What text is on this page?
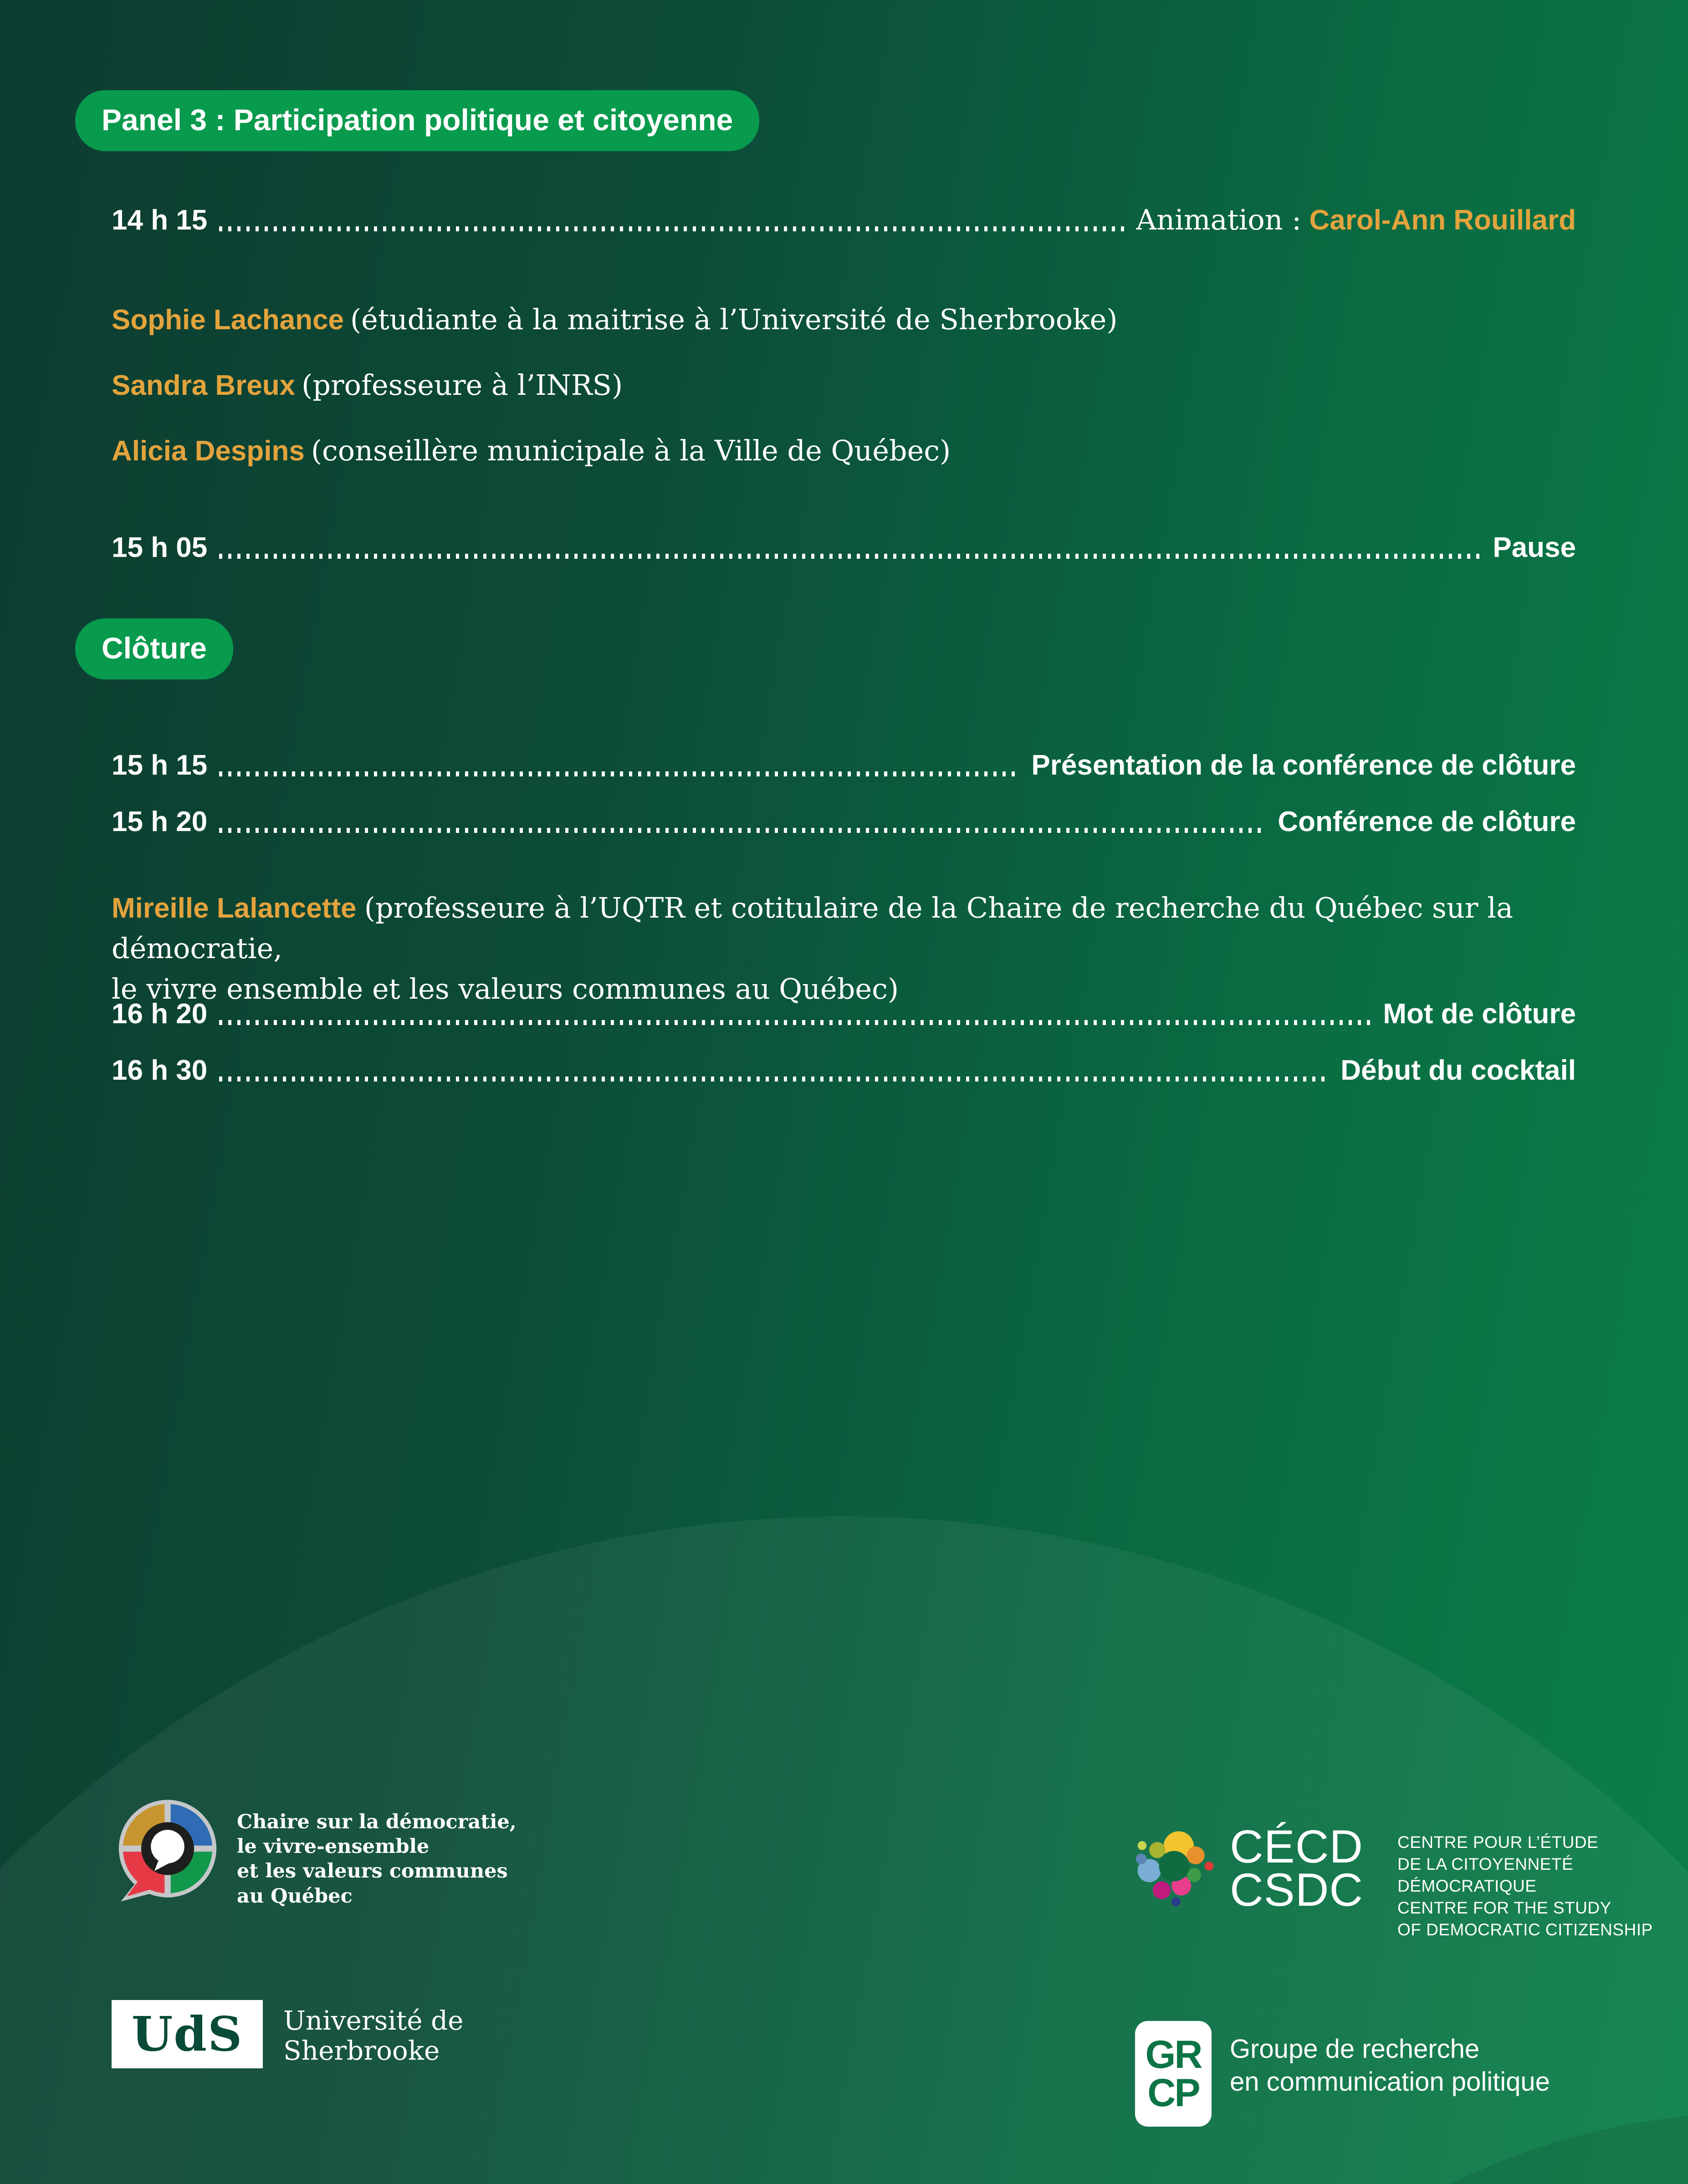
Panel 3 : Participation politique et citoyenne
14 h 15	Animation : Carol-Ann Rouillard
Sophie Lachance (étudiante à la maitrise à l’Université de Sherbrooke)
Sandra Breux (professeure à l’INRS)
Alicia Despins (conseillère municipale à la Ville de Québec)
15 h 05	Pause
Clôture
15 h 15	Présentation de la conférence de clôture
15 h 20	Conférence de clôture
Mireille Lalancette (professeure à l’UQTR et cotitulaire de la Chaire de recherche du Québec sur la démocratie,
le vivre ensemble et les valeurs communes au Québec)
16 h 20	Mot de clôture
16 h 30	Début du cocktail
Chaire sur la démocratie,
le vivre-ensemble
et les valeurs communes
au Québec
CÉCD
CSDC
CENTRE POUR L’ÉTUDE
DE LA CITOYENNETÉ DÉMOCRATIQUE
CENTRE FOR THE STUDY
OF DEMOCRATIC CITIZENSHIP
UdS Université de
Sherbrooke	GR
CP
Groupe de recherche
en communication politique
